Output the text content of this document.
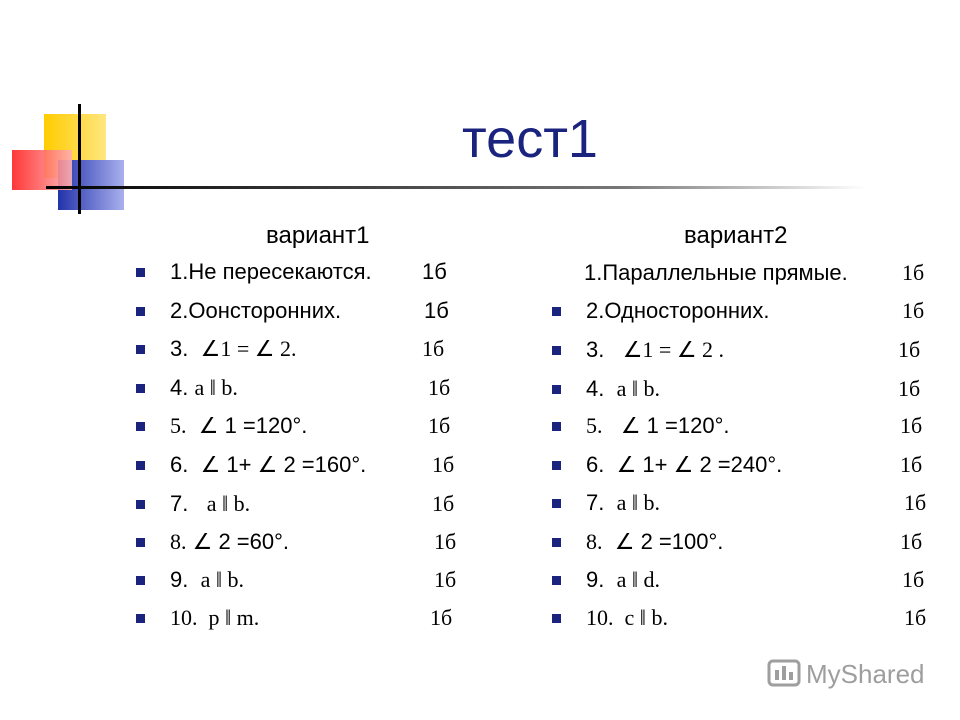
тест1
вариант1	вариант2
1.Не пересекаются. 1б
2.Оонсторонних.	1б
3. ∠1 = ∠ 2.	1б
4. a ‖ b.	1б
5. ∠ 1 =120°.	1б
6. ∠ 1+ ∠ 2 =160°.	1б
7. a ‖ b.	1б
8. ∠ 2 =60°.	1б
9. a ‖ b.	1б
10. p ‖ m.	1б
1.Параллельные прямые. 1б
2.Односторонних.	1б
3. ∠1 = ∠ 2 .	1б
4. a ‖ b.	1б
5. ∠ 1 =120°.	1б
6. ∠ 1+ ∠ 2 =240°.	1б
7. a ‖ b.	1б
8. ∠ 2 =100°.	1б
9. a ‖ d.	1б
10. c ‖ b.	1б
MyShared
